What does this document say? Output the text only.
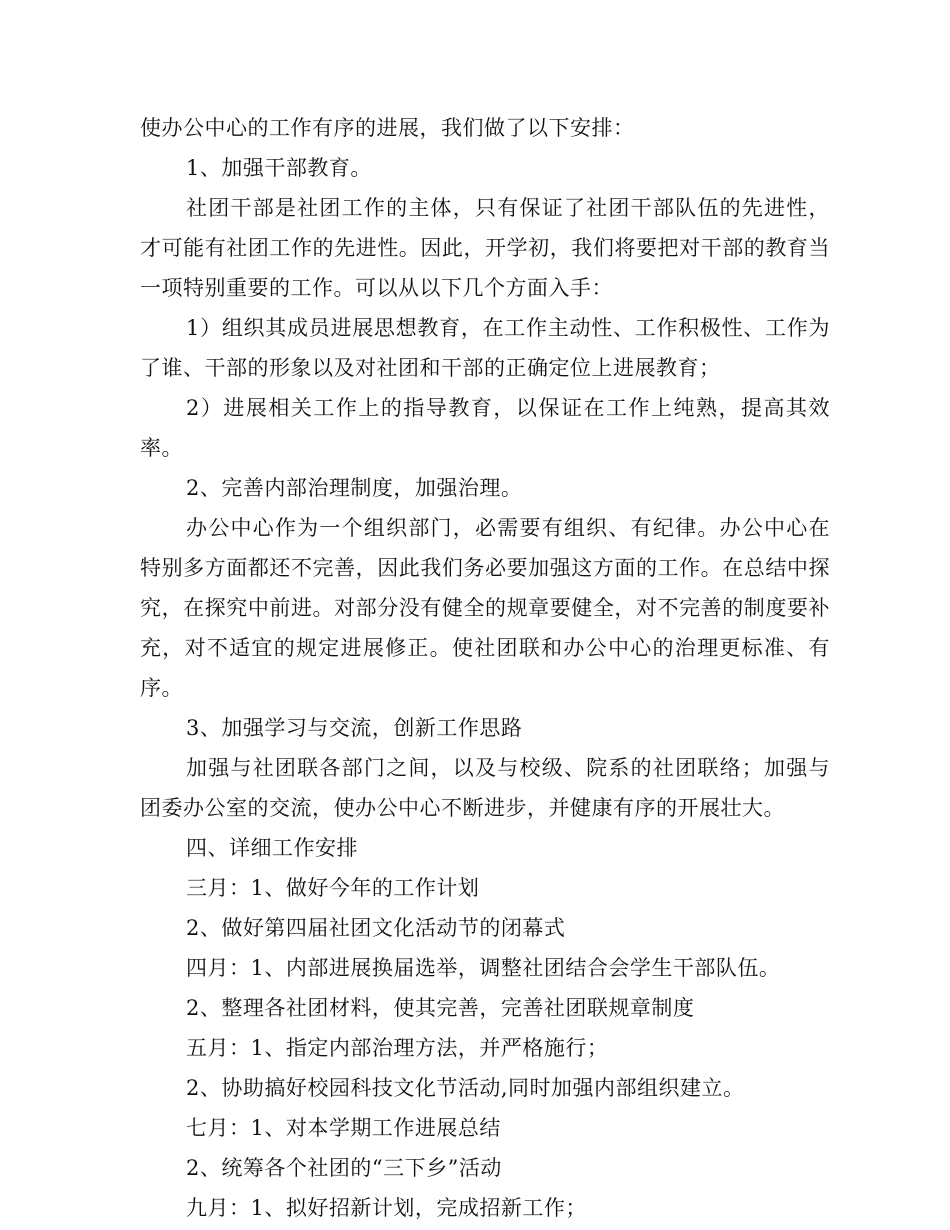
使办公中心的工作有序的进展，我们做了以下安排：

1、加强干部教育。

社团干部是社团工作的主体，只有保证了社团干部队伍的先进性，才可能有社团工作的先进性。因此，开学初，我们将要把对干部的教育当一项特别重要的工作。可以从以下几个方面入手：

1）组织其成员进展思想教育，在工作主动性、工作积极性、工作为了谁、干部的形象以及对社团和干部的正确定位上进展教育；

2）进展相关工作上的指导教育，以保证在工作上纯熟，提高其效率。

2、完善内部治理制度，加强治理。

办公中心作为一个组织部门，必需要有组织、有纪律。办公中心在特别多方面都还不完善，因此我们务必要加强这方面的工作。在总结中探究，在探究中前进。对部分没有健全的规章要健全，对不完善的制度要补充，对不适宜的规定进展修正。使社团联和办公中心的治理更标准、有序。

3、加强学习与交流，创新工作思路

加强与社团联各部门之间，以及与校级、院系的社团联络；加强与团委办公室的交流，使办公中心不断进步，并健康有序的开展壮大。

四、详细工作安排

三月：1、做好今年的工作计划

2、做好第四届社团文化活动节的闭幕式

四月：1、内部进展换届选举，调整社团结合会学生干部队伍。

2、整理各社团材料，使其完善，完善社团联规章制度

五月：1、指定内部治理方法，并严格施行；

2、协助搞好校园科技文化节活动,同时加强内部组织建立。

七月：1、对本学期工作进展总结

2、统筹各个社团的“三下乡”活动

九月：1、拟好招新计划，完成招新工作；
